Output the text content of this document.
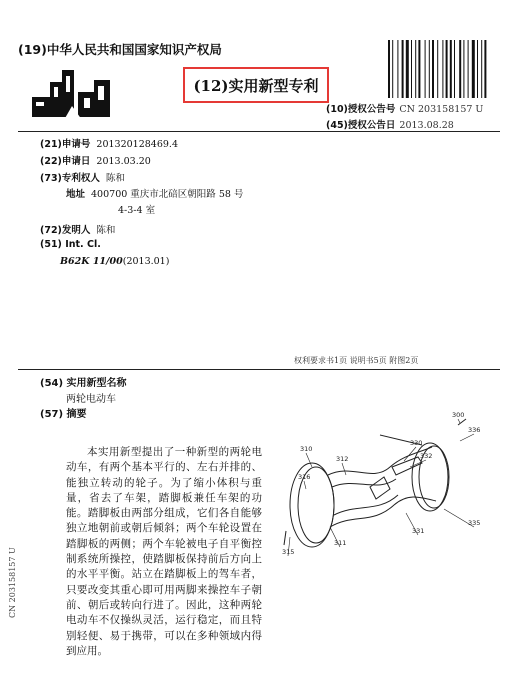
(19)中华人民共和国国家知识产权局
(12)实用新型专利
(10)授权公告号 CN 203158157 U
(45)授权公告日 2013.08.28
(21)申请号 201320128469.4
(22)申请日 2013.03.20
(73)专利权人 陈和
地址 400700 重庆市北碚区朝阳路 58 号
4-3-4 室
(72)发明人 陈和
(51) Int. Cl.
B62K 11/00(2013.01)
权利要求书1页 说明书5页 附图2页
(54) 实用新型名称
两轮电动车
(57) 摘要
本实用新型提出了一种新型的两轮电动车，有两个基本平行的、左右并排的、能独立转动的轮子。为了缩小体积与重量，省去了车架，踏脚板兼任车架的功能。踏脚板由两部分组成，它们各自能够独立地朝前或朝后倾斜；两个车轮设置在踏脚板的两侧；两个车轮被电子自平衡控制系统所操控，使踏脚板保持前后方向上的水平平衡。站立在踏脚板上的驾车者，只要改变其重心即可用两脚来操控车子朝前、朝后或转向行进了。因此，这种两轮电动车不仅操纵灵活，运行稳定，而且特别轻便、易于携带，可以在多种领域内得到应用。
300
336
330
332
310
312
316
331
335
315
311
CN 203158157 U
